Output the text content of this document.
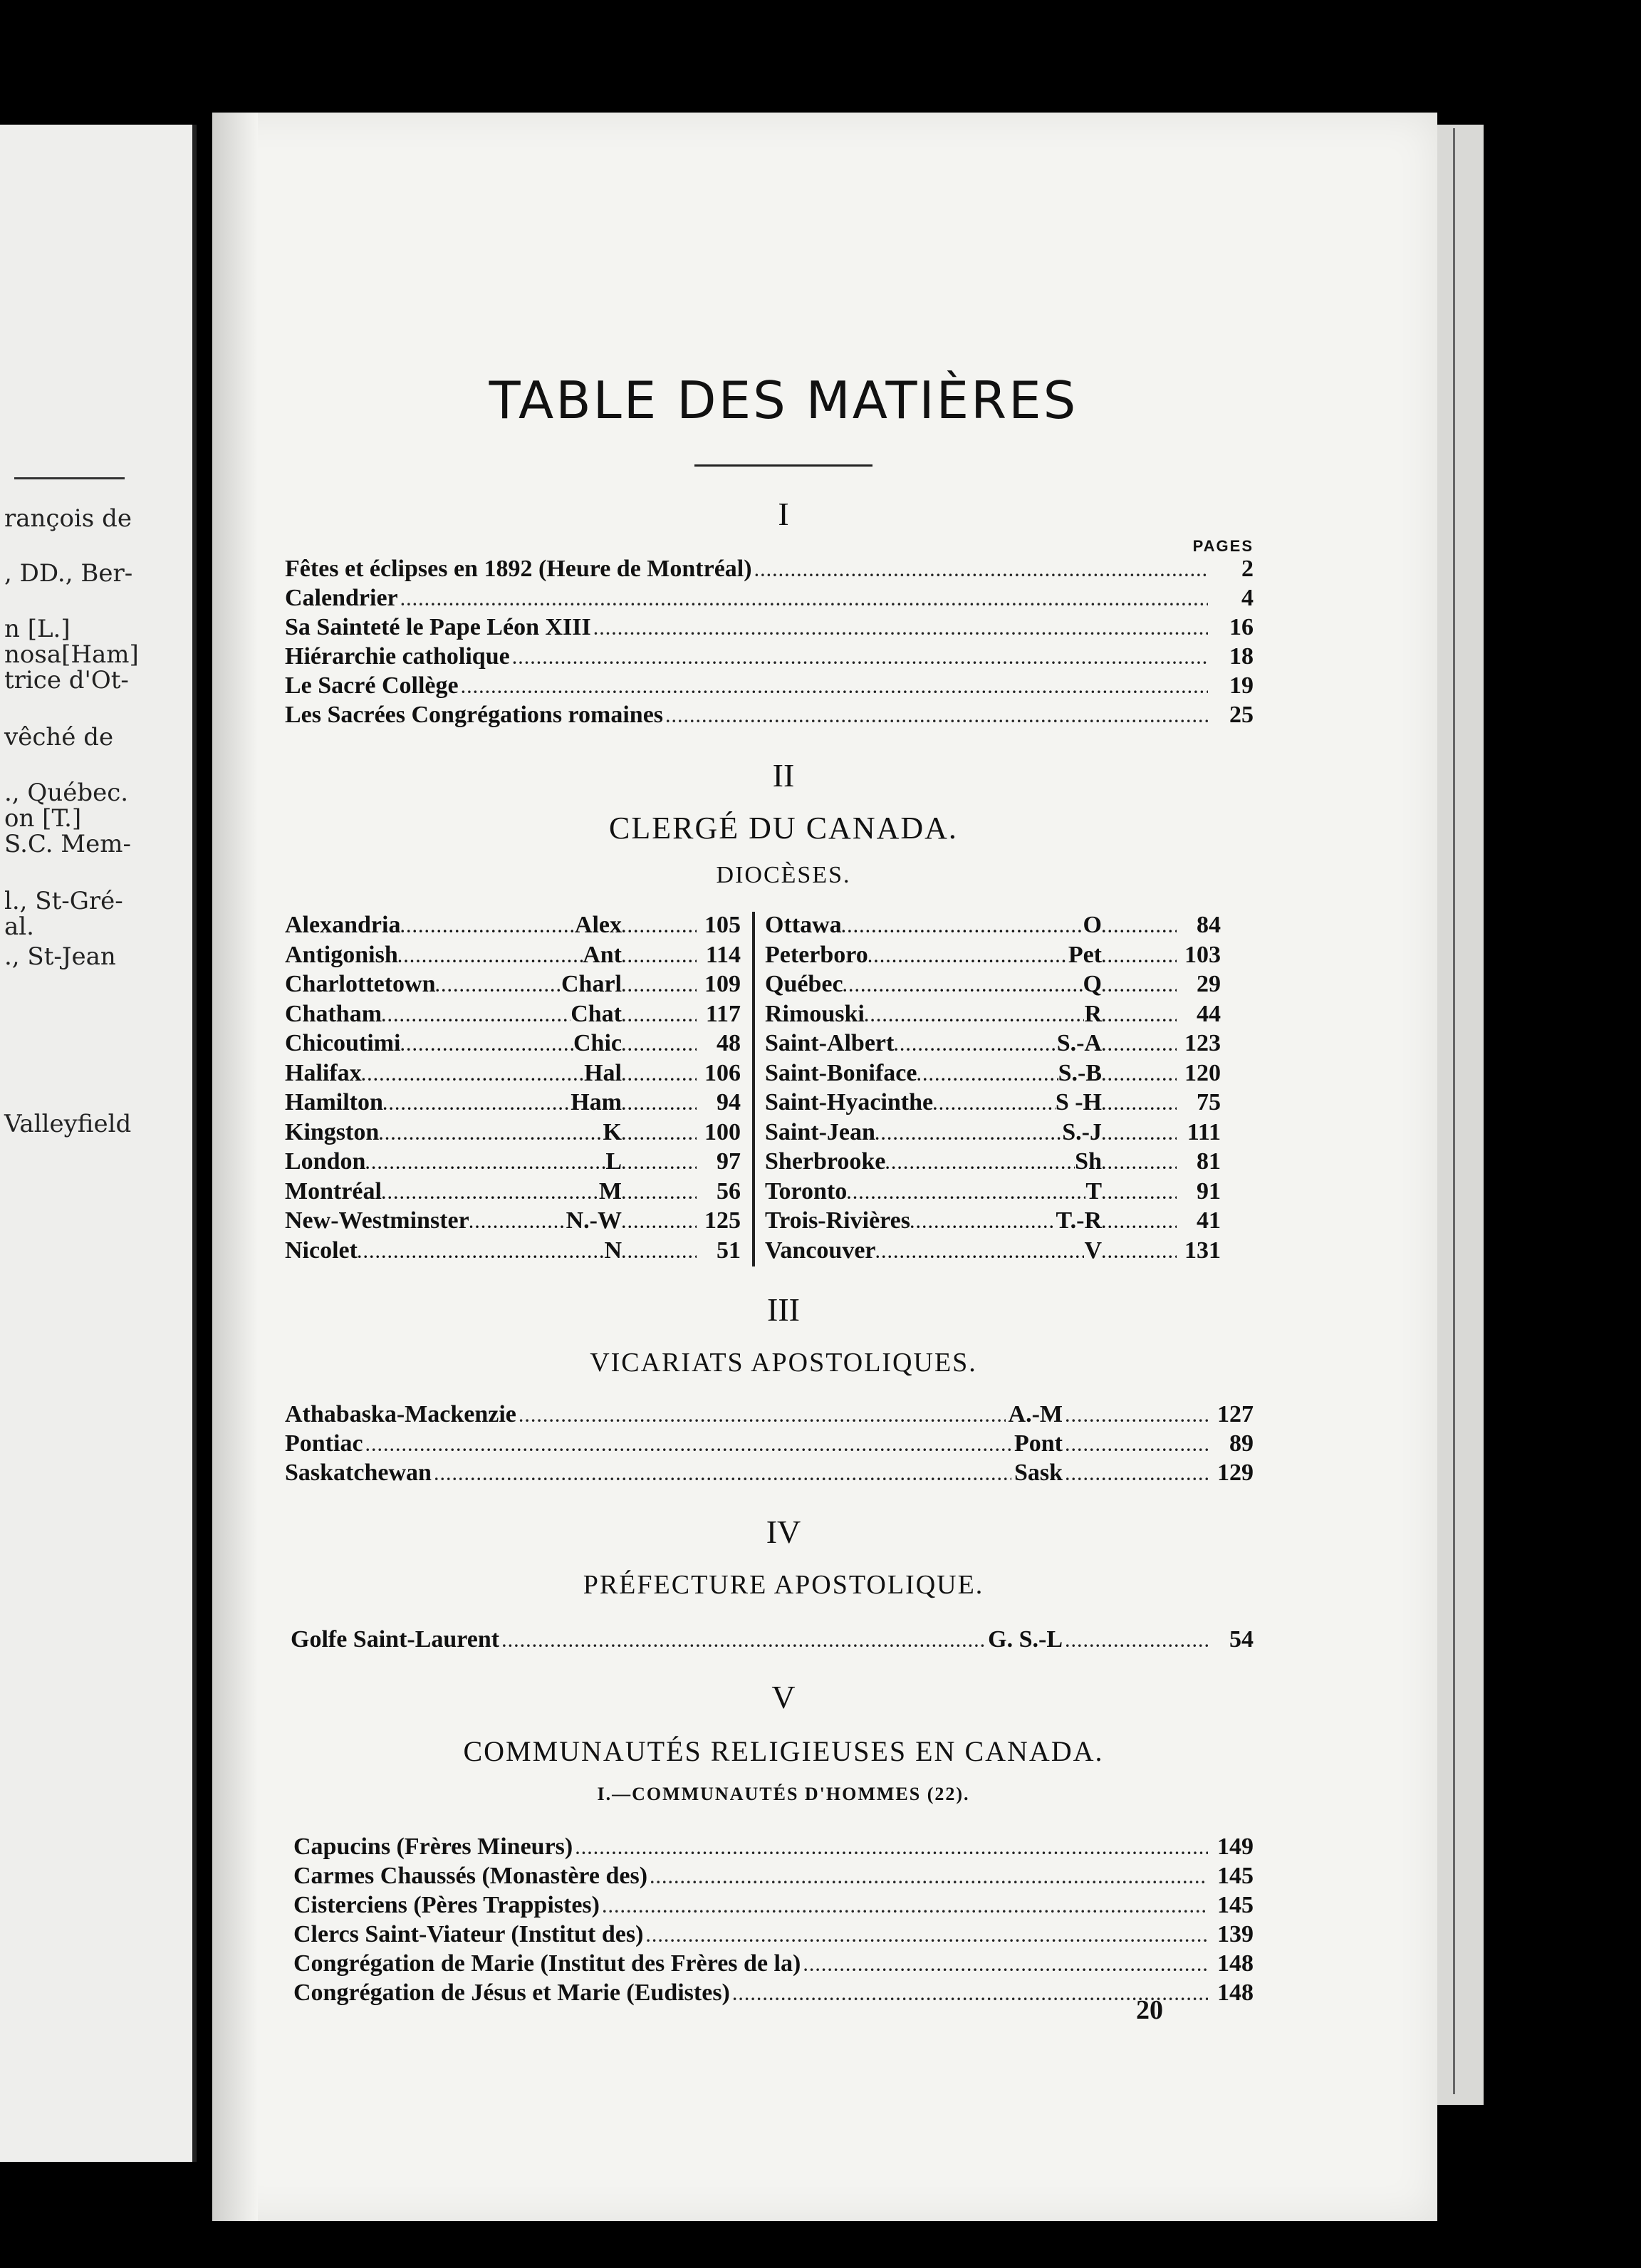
rançois de
, DD., Ber-
n [L.]
nosa[Ham]
trice d'Ot-
vêché de
., Québec.
on [T.]
S.C. Mem-
l., St-Gré-
al.
., St-Jean
Valleyfield
TABLE DES MATIÈRES
I
PAGES
Fêtes et éclipses en 1892 (Heure de Montréal) .....	2
Calendrier .....	4
Sa Sainteté le Pape Léon XIII .....	16
Hiérarchie catholique .....	18
Le Sacré Collège .....	19
Les Sacrées Congrégations romaines .....	25
II
CLERGÉ DU CANADA.
DIOCÈSES.
Alexandria .....	Alex .....	105
Antigonish .....	Ant .....	114
Charlottetown .....	Charl .....	109
Chatham .....	Chat .....	117
Chicoutimi .....	Chic .....	48
Halifax .....	Hal .....	106
Hamilton .....	Ham .....	94
Kingston .....	K .....	100
London .....	L .....	97
Montréal .....	M .....	56
New-Westminster .....	N.-W .....	125
Nicolet .....	N .....	51
Ottawa .....	O .....	84
Peterboro .....	Pet .....	103
Québec .....	Q .....	29
Rimouski .....	R .....	44
Saint-Albert .....	S.-A .....	123
Saint-Boniface .....	S.-B .....	120
Saint-Hyacinthe .....	S -H .....	75
Saint-Jean .....	S.-J .....	111
Sherbrooke .....	Sh .....	81
Toronto .....	T .....	91
Trois-Rivières .....	T.-R .....	41
Vancouver .....	V .....	131
III
VICARIATS APOSTOLIQUES.
Athabaska-Mackenzie .....	A.-M .....	127
Pontiac .....	Pont .....	89
Saskatchewan .....	Sask .....	129
IV
PRÉFECTURE APOSTOLIQUE.
Golfe Saint-Laurent .....	G. S.-L .....	54
V
COMMUNAUTÉS RELIGIEUSES EN CANADA.
I.—COMMUNAUTÉS D'HOMMES (22).
Capucins (Frères Mineurs) .....	149
Carmes Chaussés (Monastère des) .....	145
Cisterciens (Pères Trappistes) .....	145
Clercs Saint-Viateur (Institut des) .....	139
Congrégation de Marie (Institut des Frères de la) .....	148
Congrégation de Jésus et Marie (Eudistes) .....	148
20
